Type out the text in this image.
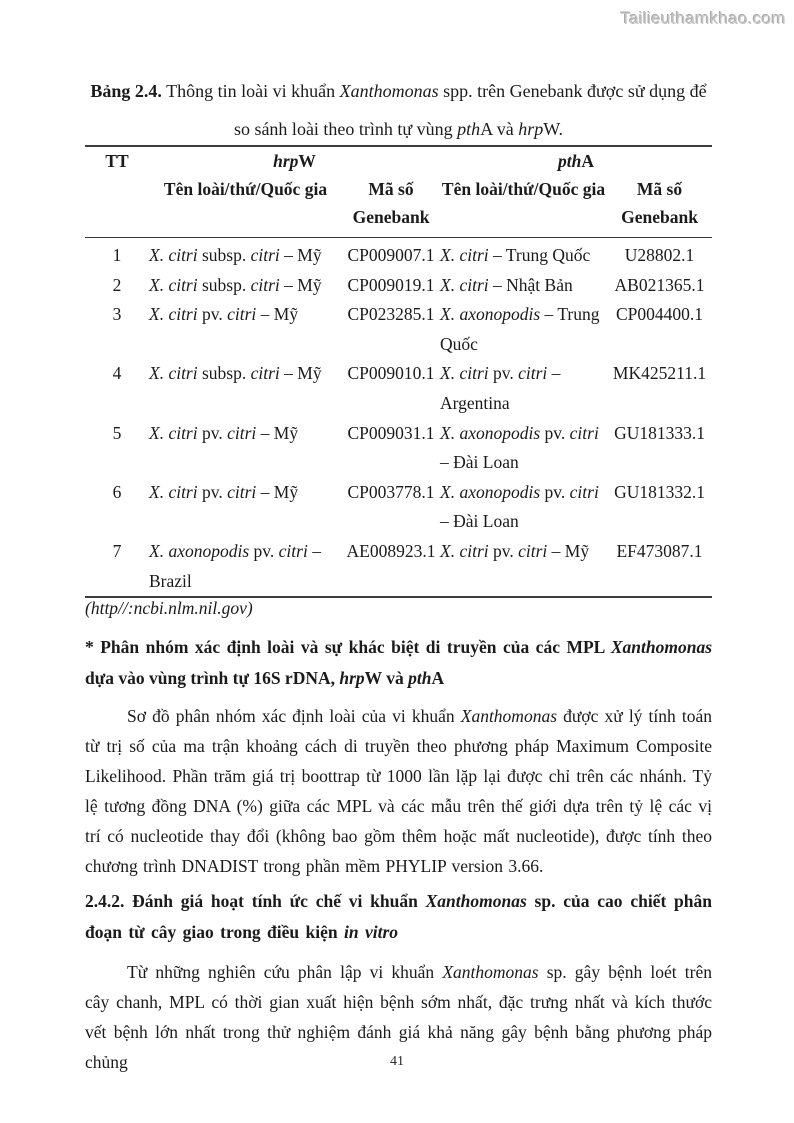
Tailieuthamkhao.com
Bảng 2.4. Thông tin loài vi khuẩn Xanthomonas spp. trên Genebank được sử dụng để
so sánh loài theo trình tự vùng pthA và hrpW.
TT	hrpW		pthA	
	Tên loài/thứ/Quốc gia	Mã số Genebank	Tên loài/thứ/Quốc gia	Mã số Genebank
1	X. citri subsp. citri – Mỹ	CP009007.1	X. citri – Trung Quốc	U28802.1
2	X. citri subsp. citri – Mỹ	CP009019.1	X. citri – Nhật Bản	AB021365.1
3	X. citri pv. citri – Mỹ	CP023285.1	X. axonopodis – Trung Quốc	CP004400.1
4	X. citri subsp. citri – Mỹ	CP009010.1	X. citri pv. citri – Argentina	MK425211.1
5	X. citri pv. citri – Mỹ	CP009031.1	X. axonopodis pv. citri – Đài Loan	GU181333.1
6	X. citri pv. citri – Mỹ	CP003778.1	X. axonopodis pv. citri – Đài Loan	GU181332.1
7	X. axonopodis pv. citri – Brazil	AE008923.1	X. citri pv. citri – Mỹ	EF473087.1
(http//:ncbi.nlm.nil.gov)
* Phân nhóm xác định loài và sự khác biệt di truyền của các MPL Xanthomonas dựa vào vùng trình tự 16S rDNA, hrpW và pthA
Sơ đồ phân nhóm xác định loài của vi khuẩn Xanthomonas được xử lý tính toán từ trị số của ma trận khoảng cách di truyền theo phương pháp Maximum Composite Likelihood. Phần trăm giá trị boottrap từ 1000 lần lặp lại được chỉ trên các nhánh. Tỷ lệ tương đồng DNA (%) giữa các MPL và các mẫu trên thế giới dựa trên tỷ lệ các vị trí có nucleotide thay đổi (không bao gồm thêm hoặc mất nucleotide), được tính theo chương trình DNADIST trong phần mềm PHYLIP version 3.66.
2.4.2. Đánh giá hoạt tính ức chế vi khuẩn Xanthomonas sp. của cao chiết phân đoạn từ cây giao trong điều kiện in vitro
Từ những nghiên cứu phân lập vi khuẩn Xanthomonas sp. gây bệnh loét trên cây chanh, MPL có thời gian xuất hiện bệnh sớm nhất, đặc trưng nhất và kích thước vết bệnh lớn nhất trong thử nghiệm đánh giá khả năng gây bệnh bằng phương pháp chủng	41
